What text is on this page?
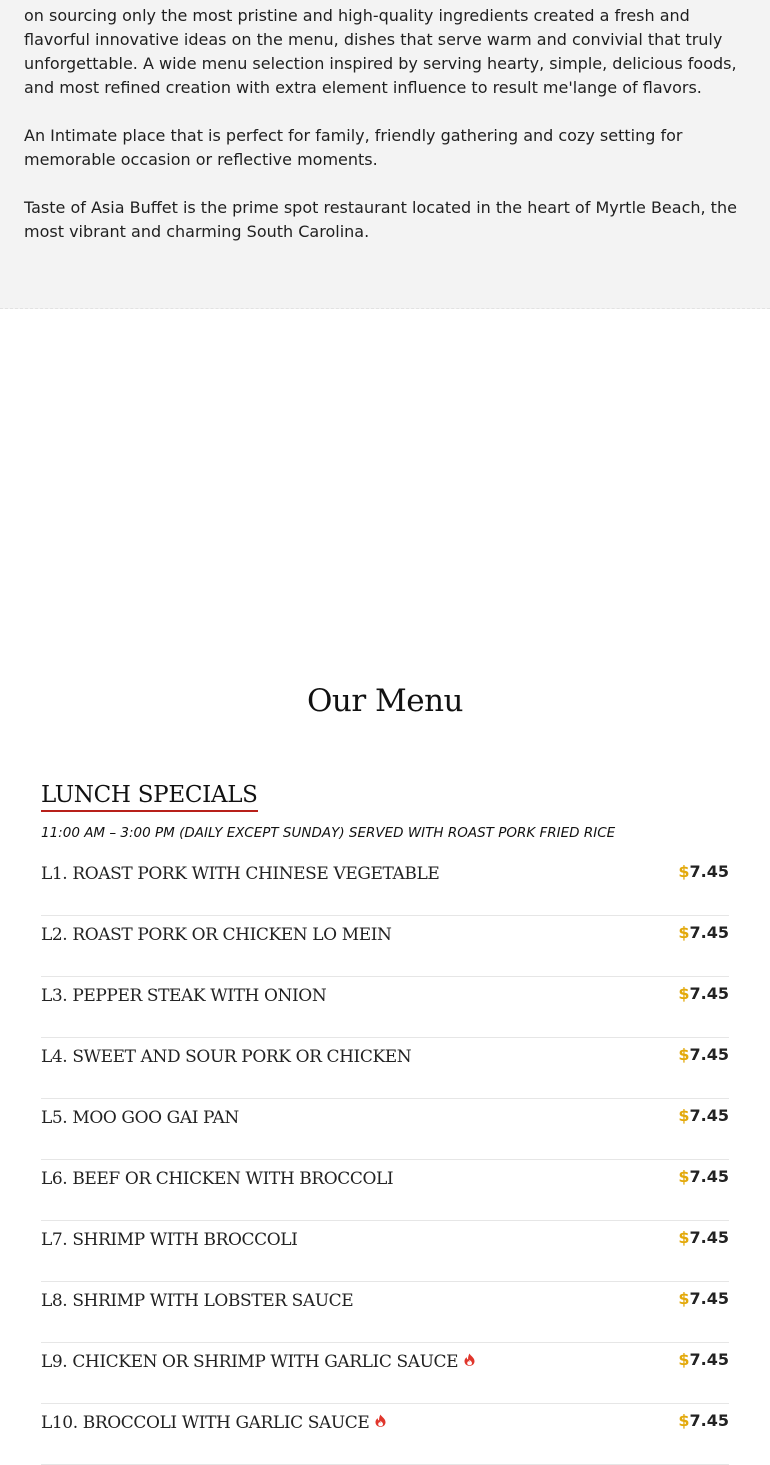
on sourcing only the most pristine and high-quality ingredients created a fresh and flavorful innovative ideas on the menu, dishes that serve warm and convivial that truly unforgettable. A wide menu selection inspired by serving hearty, simple, delicious foods, and most refined creation with extra element influence to result me'lange of flavors.

An Intimate place that is perfect for family, friendly gathering and cozy setting for memorable occasion or reflective moments.

Taste of Asia Buffet is the prime spot restaurant located in the heart of Myrtle Beach, the most vibrant and charming South Carolina.

Our Menu
LUNCH SPECIALS
11:00 AM – 3:00 PM (DAILY EXCEPT SUNDAY) SERVED WITH ROAST PORK FRIED RICE
L1. ROAST PORK WITH CHINESE VEGETABLE	$7.45
L2. ROAST PORK OR CHICKEN LO MEIN	$7.45
L3. PEPPER STEAK WITH ONION	$7.45
L4. SWEET AND SOUR PORK OR CHICKEN	$7.45
L5. MOO GOO GAI PAN	$7.45
L6. BEEF OR CHICKEN WITH BROCCOLI	$7.45
L7. SHRIMP WITH BROCCOLI	$7.45
L8. SHRIMP WITH LOBSTER SAUCE	$7.45
L9. CHICKEN OR SHRIMP WITH GARLIC SAUCE	$7.45
L10. BROCCOLI WITH GARLIC SAUCE	$7.45
